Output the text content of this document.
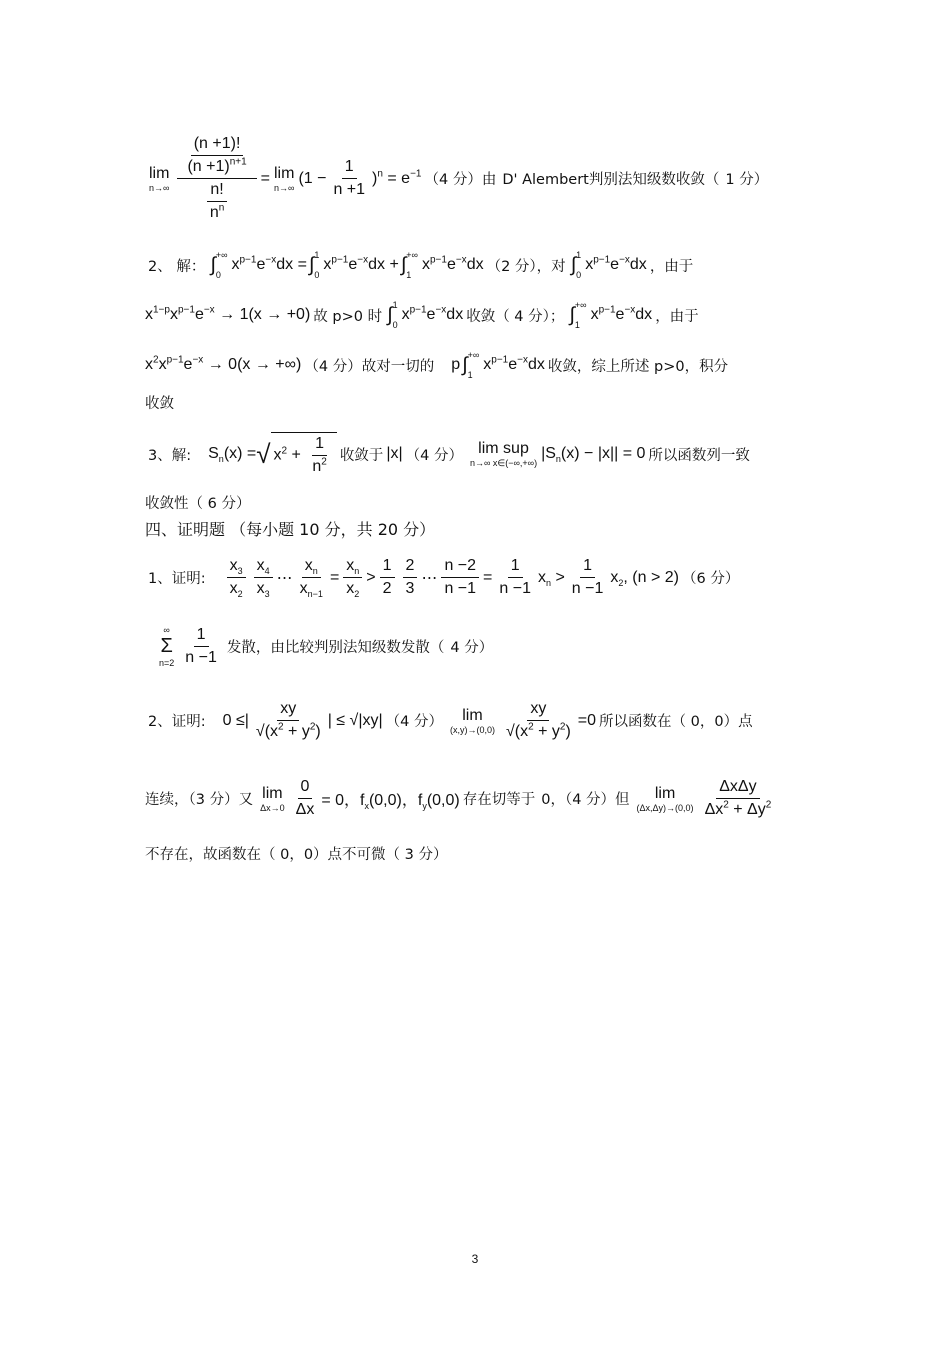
lim
$n\to\infty \frac{\frac{(n +1)!}{(n +1)^{n+1}}}{\frac{n!}{n^n}} = \lim$
n→∞
$(1 - \frac{1}{n +1} )^n = e^{-1}$ （4 分）由 D' Alembert判别法知级数收敛（ 1 分）
2、 解： ∫ +∞
0
$x^{p-1}e^{-x}dx$ = ∫ 1
0
$x^{p-1}e^{-x}dx$ + ∫ +∞
1
$x^{p-1}e^{-x}dx$ （2 分），对 ∫ 1
0
$x^{p-1}e^{-x}dx$ ，由于
$x^{1-p}x^{p-1}e^{-x} \to 1(x \to +0)$ 故 p>0 时 ∫ 1
0
$x^{p-1}e^{-x}dx$ 收敛（ 4 分）； ∫ +∞
1
$x^{p-1}e^{-x}dx$ ，由于
$x^2x^{p-1}e^{-x} \to 0(x$ → +∞) （4 分）故对一切的 p ∫ +∞
1
$x^{p-1}e^{-x}dx$ 收敛，综上所述 p>0，积分
收敛
3、解: $S_n(x)$ = √ $x^2 + \frac{1}{n^2}$ 收敛于 |x| （4 分） lim sup
n→∞ x∈(−∞,+∞)
$|S_n(x) - |x|| = 0$ 所以函数列一致
收敛性（ 6 分）
四、证明题 （每小题 10 分，共 20 分）
1、证明: $\frac{x_3}{x_2} \frac{x_4}{x_3}$ ⋯ $\frac{x_n}{x_{n-1}} = \frac{x_n}{x_2} > \frac{1}{2} \frac{2}{3}$ ⋯ $\frac{n -2}{n -1} = \frac{1}{n -1} x_n > \frac{1}{n -1} x_2$, (n > 2) （6 分）
∞
Σ
$n=2 \frac{1}{n -1}$ 发散，由比较判别法知级数发散（ 4 分）
2、证明: 0 ≤| $\frac{xy}{√(x^2 + y^2)}$ | ≤ √|xy| （4 分） lim
$(x,y)\to(0,0) \frac{xy}{√(x^2 + y^2)} =0$ 所以函数在（ 0，0）点
连续，（3 分）又 lim
$\Delta x\to 0 \frac{0}{\Delta x} = 0$，$f_x(0,0)$，$f_y(0,0)$ 存在切等于 0，（4 分）但 lim
$(\Delta x,\Delta y)\to(0,0) \frac{\text{ΔxΔy}}{\Delta x^2 + \Delta y^2}$
不存在，故函数在（ 0，0）点不可微（ 3 分）
3
